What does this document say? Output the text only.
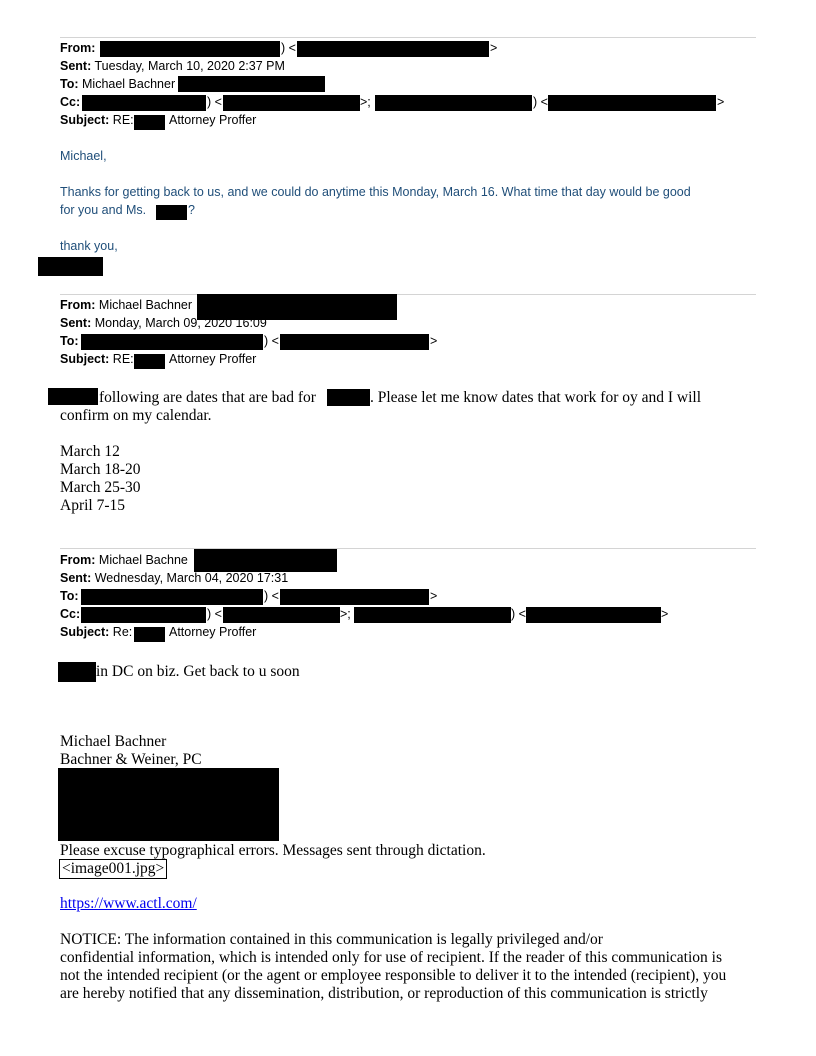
From:	) <	>
Sent: Tuesday, March 10, 2020 2:37 PM
To: Michael Bachner
Cc:	) <	>;	) <	>
Subject: RE:	Attorney Proffer
Michael,
Thanks for getting back to us, and we could do anytime this Monday, March 16. What time that day would be good
for you and Ms.	?
thank you,
From: Michael Bachner
Sent: Monday, March 09, 2020 16:09
To:	) <	>
Subject: RE:	Attorney Proffer
following are dates that are bad for	. Please let me know dates that work for oy and I will
confirm on my calendar.
March 12
March 18-20
March 25-30
April 7-15
From: Michael Bachne
Sent: Wednesday, March 04, 2020 17:31
To:	) <	>
Cc:	) <	>;	) <	>
Subject: Re:	Attorney Proffer
in DC on biz. Get back to u soon
Michael Bachner
Bachner & Weiner, PC
Please excuse typographical errors. Messages sent through dictation.
<image001.jpg>
https://www.actl.com/
NOTICE: The information contained in this communication is legally privileged and/or
confidential information, which is intended only for use of recipient. If the reader of this communication is
not the intended recipient (or the agent or employee responsible to deliver it to the intended (recipient), you
are hereby notified that any dissemination, distribution, or reproduction of this communication is strictly
